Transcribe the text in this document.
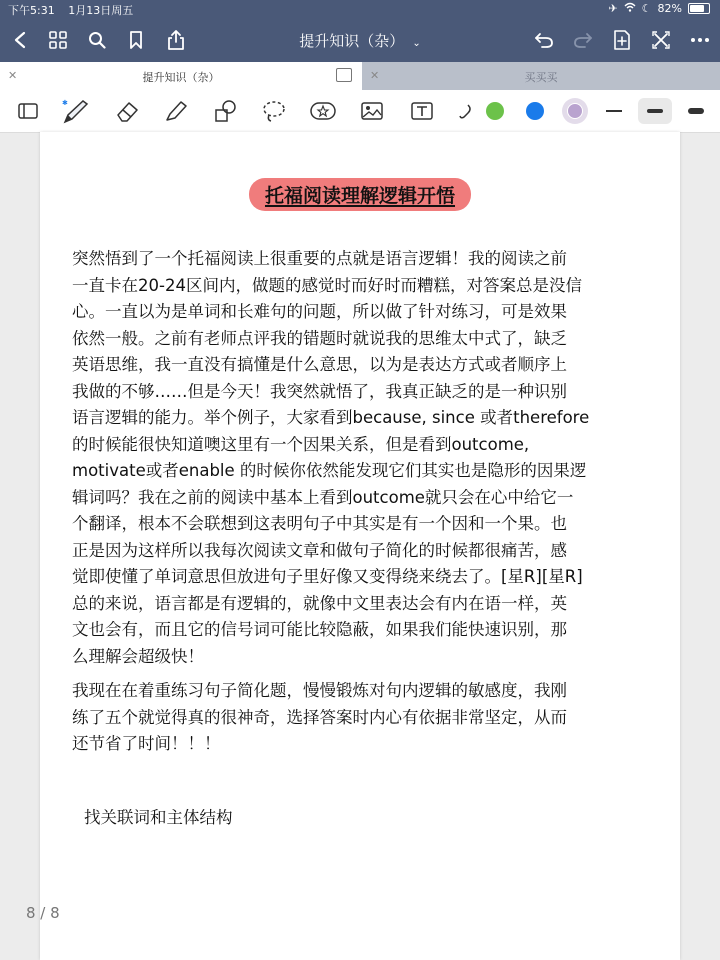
下午5:31 1月13日周五	✈ ☾ 82%
提升知识（杂） ⌄
✕	提升知识（杂）	✕	买买买
✱
托福阅读理解逻辑开悟
突然悟到了一个托福阅读上很重要的点就是语言逻辑！我的阅读之前
一直卡在20-24区间内，做题的感觉时而好时而糟糕，对答案总是没信
心。一直以为是单词和长难句的问题，所以做了针对练习，可是效果
依然一般。之前有老师点评我的错题时就说我的思维太中式了，缺乏
英语思维，我一直没有搞懂是什么意思，以为是表达方式或者顺序上
我做的不够……但是今天！我突然就悟了，我真正缺乏的是一种识别
语言逻辑的能力。举个例子，大家看到because, since 或者therefore
的时候能很快知道噢这里有一个因果关系，但是看到outcome,
motivate或者enable 的时候你依然能发现它们其实也是隐形的因果逻
辑词吗？我在之前的阅读中基本上看到outcome就只会在心中给它一
个翻译，根本不会联想到这表明句子中其实是有一个因和一个果。也
正是因为这样所以我每次阅读文章和做句子简化的时候都很痛苦，感
觉即使懂了单词意思但放进句子里好像又变得绕来绕去了。[星R][星R]
总的来说，语言都是有逻辑的，就像中文里表达会有内在语一样，英
文也会有，而且它的信号词可能比较隐蔽，如果我们能快速识别，那
么理解会超级快！
我现在在着重练习句子简化题，慢慢锻炼对句内逻辑的敏感度，我刚
练了五个就觉得真的很神奇，选择答案时内心有依据非常坚定，从而
还节省了时间！！！
找关联词和主体结构
8 / 8
